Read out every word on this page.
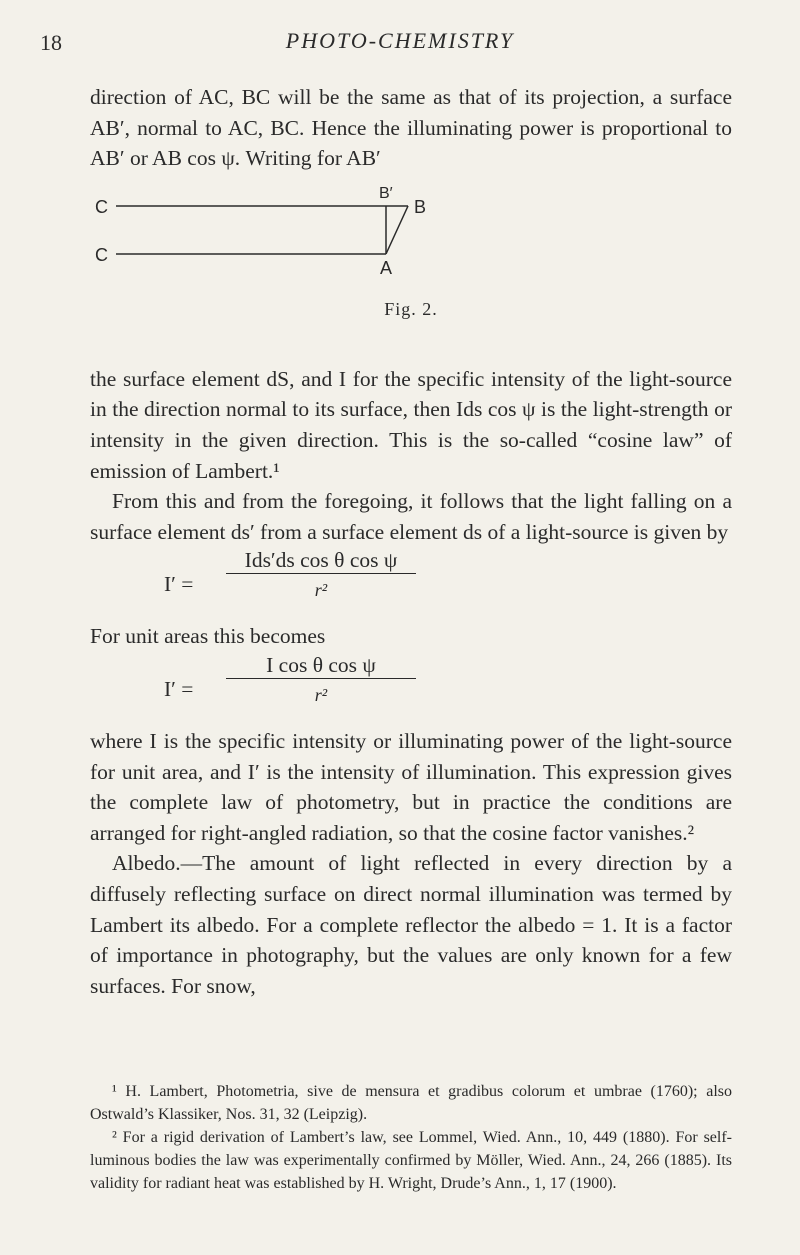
18	PHOTO-CHEMISTRY

direction of AC, BC will be the same as that of its projection, a surface AB′, normal to AC, BC. Hence the illuminating power is proportional to AB′ or AB cos ψ. Writing for AB′

C
C
B
B′
A
Fig. 2.

the surface element dS, and I for the specific intensity of the light-source in the direction normal to its surface, then Ids cos ψ is the light-strength or intensity in the given direction. This is the so-called “cosine law” of emission of Lambert.¹

From this and from the foregoing, it follows that the light falling on a surface element ds′ from a surface element ds of a light-source is given by

I′ =
Ids′ds cos θ cos ψ
r²

For unit areas this becomes

I′ =
I cos θ cos ψ
r²

where I is the specific intensity or illuminating power of the light-source for unit area, and I′ is the intensity of illumination. This expression gives the complete law of photometry, but in practice the conditions are arranged for right-angled radiation, so that the cosine factor vanishes.²

Albedo.—The amount of light reflected in every direction by a diffusely reflecting surface on direct normal illumination was termed by Lambert its albedo. For a complete reflector the albedo = 1. It is a factor of importance in photography, but the values are only known for a few surfaces. For snow,

¹ H. Lambert, Photometria, sive de mensura et gradibus colorum et umbrae (1760); also Ostwald’s Klassiker, Nos. 31, 32 (Leipzig).

² For a rigid derivation of Lambert’s law, see Lommel, Wied. Ann., 10, 449 (1880). For self-luminous bodies the law was experimentally confirmed by Möller, Wied. Ann., 24, 266 (1885). Its validity for radiant heat was established by H. Wright, Drude’s Ann., 1, 17 (1900).
